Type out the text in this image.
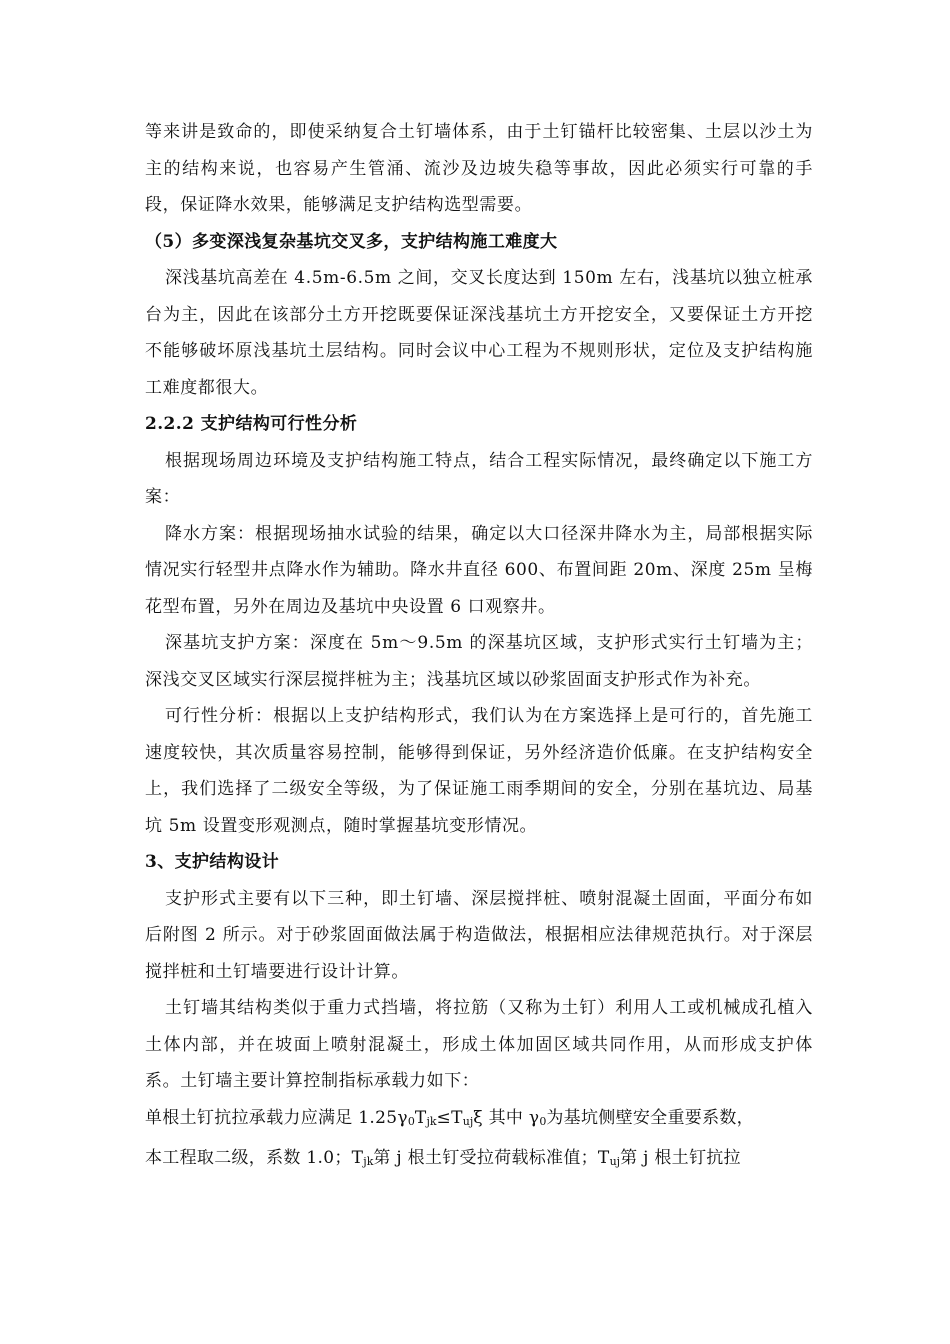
等来讲是致命的，即使采纳复合土钉墙体系，由于土钉锚杆比较密集、土层以沙土为主的结构来说，也容易产生管涌、流沙及边坡失稳等事故，因此必须实行可靠的手段，保证降水效果，能够满足支护结构选型需要。

（5）多变深浅复杂基坑交叉多，支护结构施工难度大

深浅基坑高差在 4.5m-6.5m 之间，交叉长度达到 150m 左右，浅基坑以独立桩承台为主，因此在该部分土方开挖既要保证深浅基坑土方开挖安全，又要保证土方开挖不能够破坏原浅基坑土层结构。同时会议中心工程为不规则形状，定位及支护结构施工难度都很大。

2.2.2 支护结构可行性分析

根据现场周边环境及支护结构施工特点，结合工程实际情况，最终确定以下施工方案：

降水方案：根据现场抽水试验的结果，确定以大口径深井降水为主，局部根据实际情况实行轻型井点降水作为辅助。降水井直径 600、布置间距 20m、深度 25m 呈梅花型布置，另外在周边及基坑中央设置 6 口观察井。

深基坑支护方案：深度在 5m～9.5m 的深基坑区域，支护形式实行土钉墙为主；深浅交叉区域实行深层搅拌桩为主；浅基坑区域以砂浆固面支护形式作为补充。

可行性分析：根据以上支护结构形式，我们认为在方案选择上是可行的，首先施工速度较快，其次质量容易控制，能够得到保证，另外经济造价低廉。在支护结构安全上，我们选择了二级安全等级，为了保证施工雨季期间的安全，分别在基坑边、局基坑 5m 设置变形观测点，随时掌握基坑变形情况。

3、支护结构设计

支护形式主要有以下三种，即土钉墙、深层搅拌桩、喷射混凝土固面，平面分布如后附图 2 所示。对于砂浆固面做法属于构造做法，根据相应法律规范执行。对于深层搅拌桩和土钉墙要进行设计计算。

土钉墙其结构类似于重力式挡墙，将拉筋（又称为土钉）利用人工或机械成孔植入土体内部，并在坡面上喷射混凝土，形成土体加固区域共同作用，从而形成支护体系。土钉墙主要计算控制指标承载力如下：

单根土钉抗拉承载力应满足 1.25γ0Tjk≤Tujξ 其中 γ0为基坑侧壁安全重要系数，

本工程取二级，系数 1.0；Tjk第 j 根土钉受拉荷载标准值；Tuj第 j 根土钉抗拉
